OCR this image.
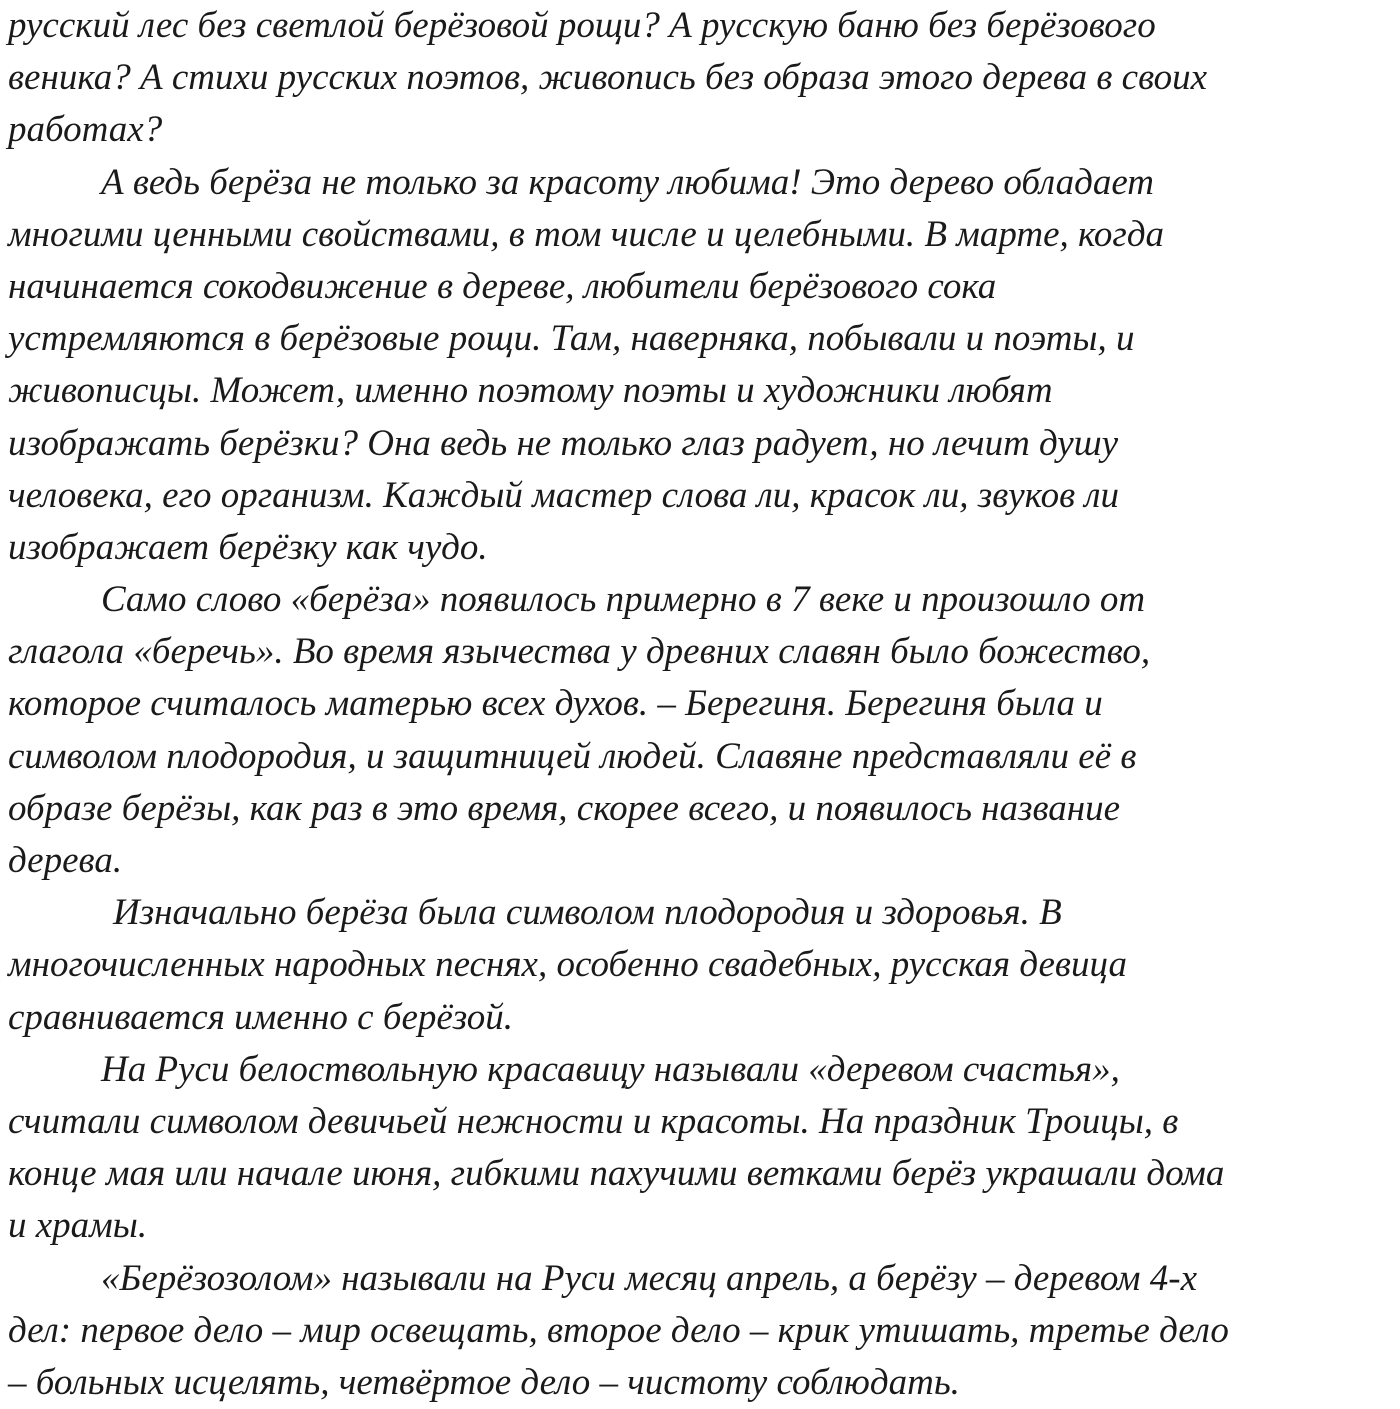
русский лес без светлой берёзовой рощи? А русскую баню без берёзового
веника? А стихи русских поэтов, живопись без образа этого дерева в своих
работах?
А ведь берёза не только за красоту любима! Это дерево обладает
многими ценными свойствами, в том числе и целебными. В марте, когда
начинается сокодвижение в дереве, любители берёзового сока
устремляются в берёзовые рощи. Там, наверняка, побывали и поэты, и
живописцы. Может, именно поэтому поэты и художники любят
изображать берёзки? Она ведь не только глаз радует, но лечит душу
человека, его организм. Каждый мастер слова ли, красок ли, звуков ли
изображает берёзку как чудо.
Само слово «берёза» появилось примерно в 7 веке и произошло от
глагола «беречь». Во время язычества у древних славян было божество,
которое считалось матерью всех духов. – Берегиня. Берегиня была и
символом плодородия, и защитницей людей. Славяне представляли её в
образе берёзы, как раз в это время, скорее всего, и появилось название
дерева.
Изначально берёза была символом плодородия и здоровья. В
многочисленных народных песнях, особенно свадебных, русская девица
сравнивается именно с берёзой.
На Руси белоствольную красавицу называли «деревом счастья»,
считали символом девичьей нежности и красоты. На праздник Троицы, в
конце мая или начале июня, гибкими пахучими ветками берёз украшали дома
и храмы.
«Берёзозолом» называли на Руси месяц апрель, а берёзу – деревом 4-х
дел: первое дело – мир освещать, второе дело – крик утишать, третье дело
– больных исцелять, четвёртое дело – чистоту соблюдать.
